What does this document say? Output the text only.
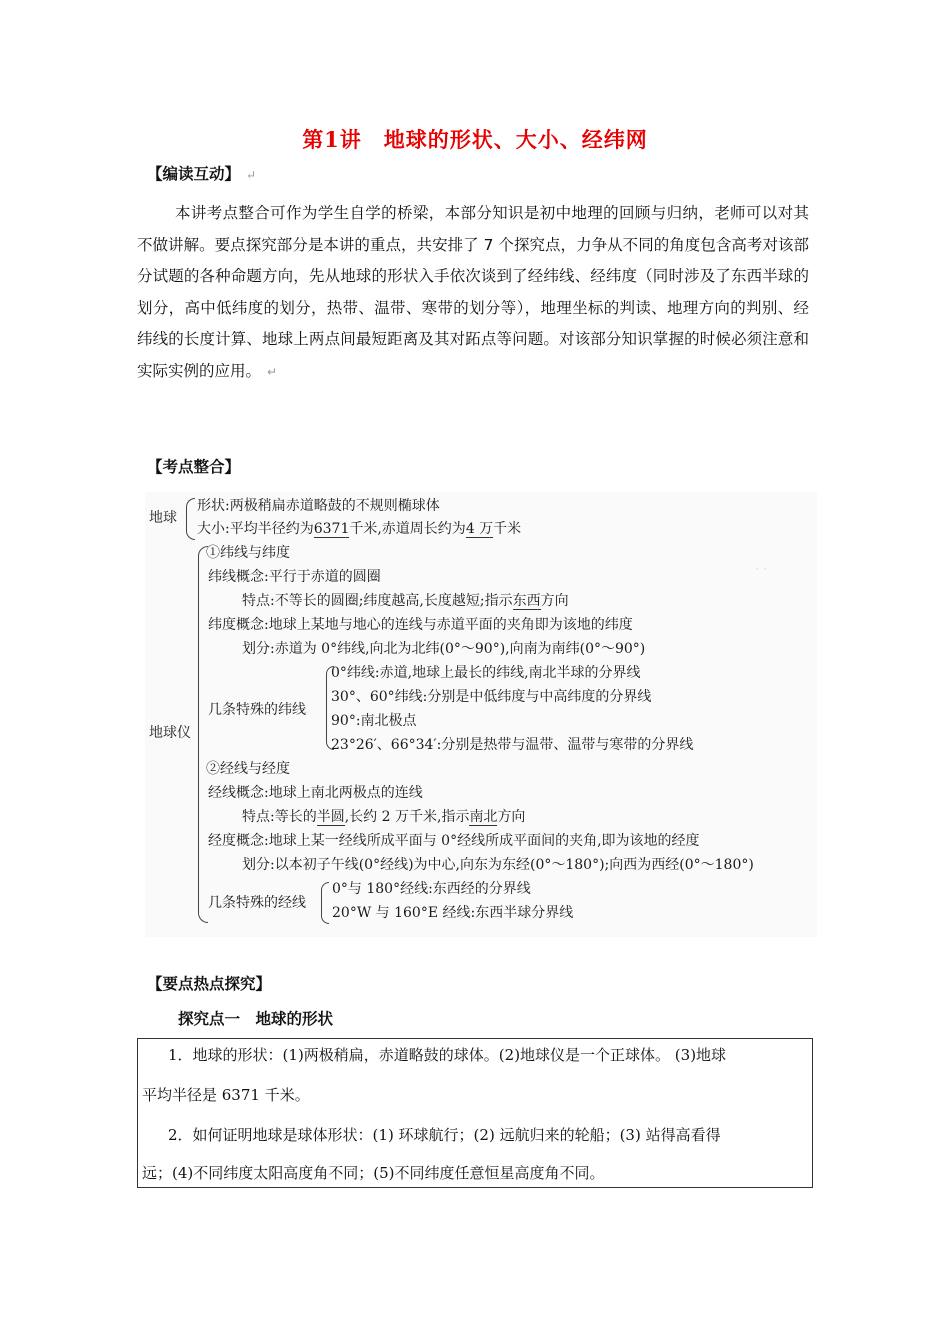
第1讲　地球的形状、大小、经纬网
【编读互动】 ↵
本讲考点整合可作为学生自学的桥梁，本部分知识是初中地理的回顾与归纳，老师可以对其不做讲解。要点探究部分是本讲的重点，共安排了 7 个探究点，力争从不同的角度包含高考对该部分试题的各种命题方向，先从地球的形状入手依次谈到了经纬线、经纬度（同时涉及了东西半球的划分，高中低纬度的划分，热带、温带、寒带的划分等），地理坐标的判读、地理方向的判别、经纬线的长度计算、地球上两点间最短距离及其对跖点等问题。对该部分知识掌握的时候必须注意和实际实例的应用。 ↵
【考点整合】
· ·
地球
形状:两极稍扁赤道略鼓的不规则椭球体
大小:平均半径约为6371千米,赤道周长约为4 万千米
地球仪
①纬线与纬度
纬线概念:平行于赤道的圆圈
特点:不等长的圆圈;纬度越高,长度越短;指示东西方向
纬度概念:地球上某地与地心的连线与赤道平面的夹角即为该地的纬度
划分:赤道为 0°纬线,向北为北纬(0°～90°),向南为南纬(0°～90°)
几条特殊的纬线
0°纬线:赤道,地球上最长的纬线,南北半球的分界线
30°、60°纬线:分别是中低纬度与中高纬度的分界线
90°:南北极点
23°26′、66°34′:分别是热带与温带、温带与寒带的分界线
②经线与经度
经线概念:地球上南北两极点的连线
特点:等长的半圆,长约 2 万千米,指示南北方向
经度概念:地球上某一经线所成平面与 0°经线所成平面间的夹角,即为该地的经度
划分:以本初子午线(0°经线)为中心,向东为东经(0°～180°);向西为西经(0°～180°)
几条特殊的经线
0°与 180°经线:东西经的分界线
20°W 与 160°E 经线:东西半球分界线
【要点热点探究】
探究点一　地球的形状

1．地球的形状：(1)两极稍扁，赤道略鼓的球体。(2)地球仪是一个正球体。 (3)地球

平均半径是 6371 千米。

2．如何证明地球是球体形状：(1) 环球航行；(2) 远航归来的轮船；(3) 站得高看得

远；(4)不同纬度太阳高度角不同；(5)不同纬度任意恒星高度角不同。
